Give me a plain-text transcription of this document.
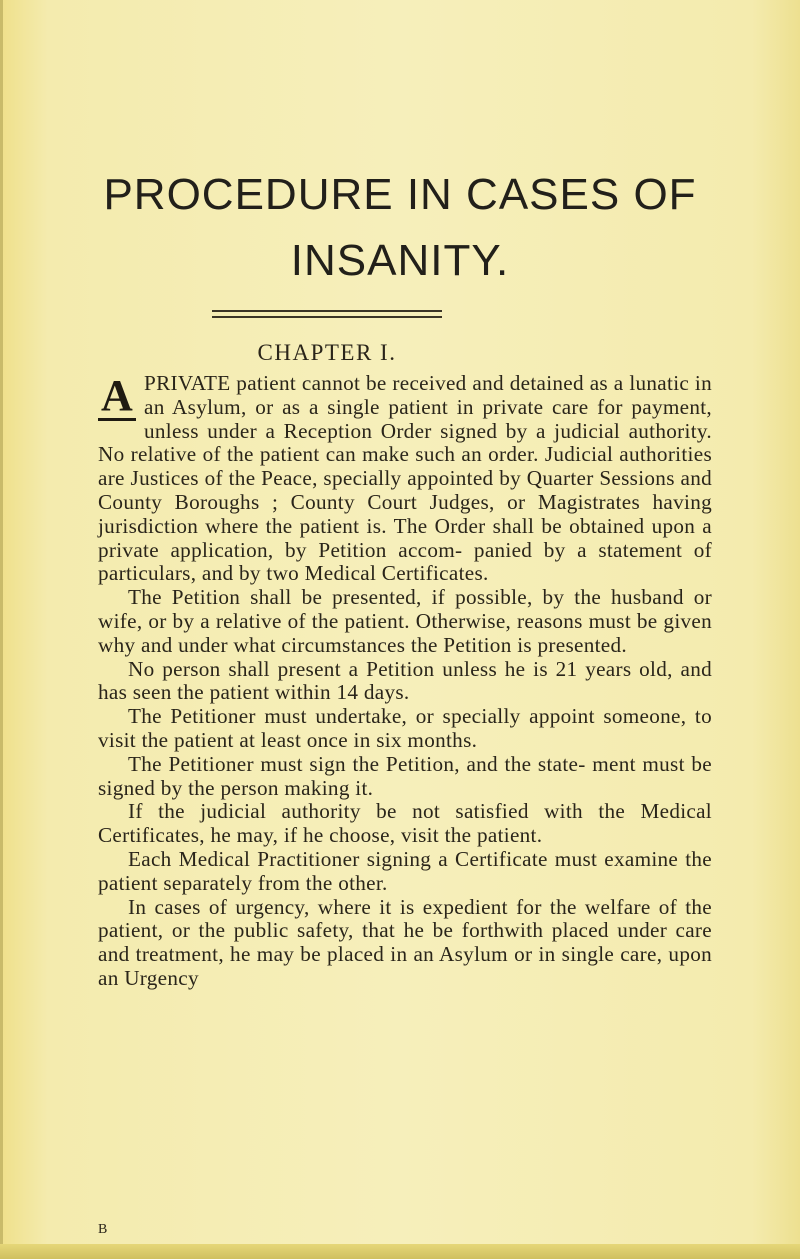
PROCEDURE IN CASES OF
INSANITY.
CHAPTER I.

A PRIVATE patient cannot be received and detained as a lunatic in an Asylum, or as a single patient in private care for payment, unless under a Reception Order signed by a judicial authority. No relative of the patient can make such an order. Judicial authorities are Justices of the Peace, specially appointed by Quarter Sessions and County Boroughs ; County Court Judges, or Magistrates having jurisdiction where the patient is. The Order shall be obtained upon a private application, by Petition accom- panied by a statement of particulars, and by two Medical Certificates.

The Petition shall be presented, if possible, by the husband or wife, or by a relative of the patient. Otherwise, reasons must be given why and under what circumstances the Petition is presented.

No person shall present a Petition unless he is 21 years old, and has seen the patient within 14 days.

The Petitioner must undertake, or specially appoint someone, to visit the patient at least once in six months.

The Petitioner must sign the Petition, and the state- ment must be signed by the person making it.

If the judicial authority be not satisfied with the Medical Certificates, he may, if he choose, visit the patient.

Each Medical Practitioner signing a Certificate must examine the patient separately from the other.

In cases of urgency, where it is expedient for the welfare of the patient, or the public safety, that he be forthwith placed under care and treatment, he may be placed in an Asylum or in single care, upon an Urgency

B
